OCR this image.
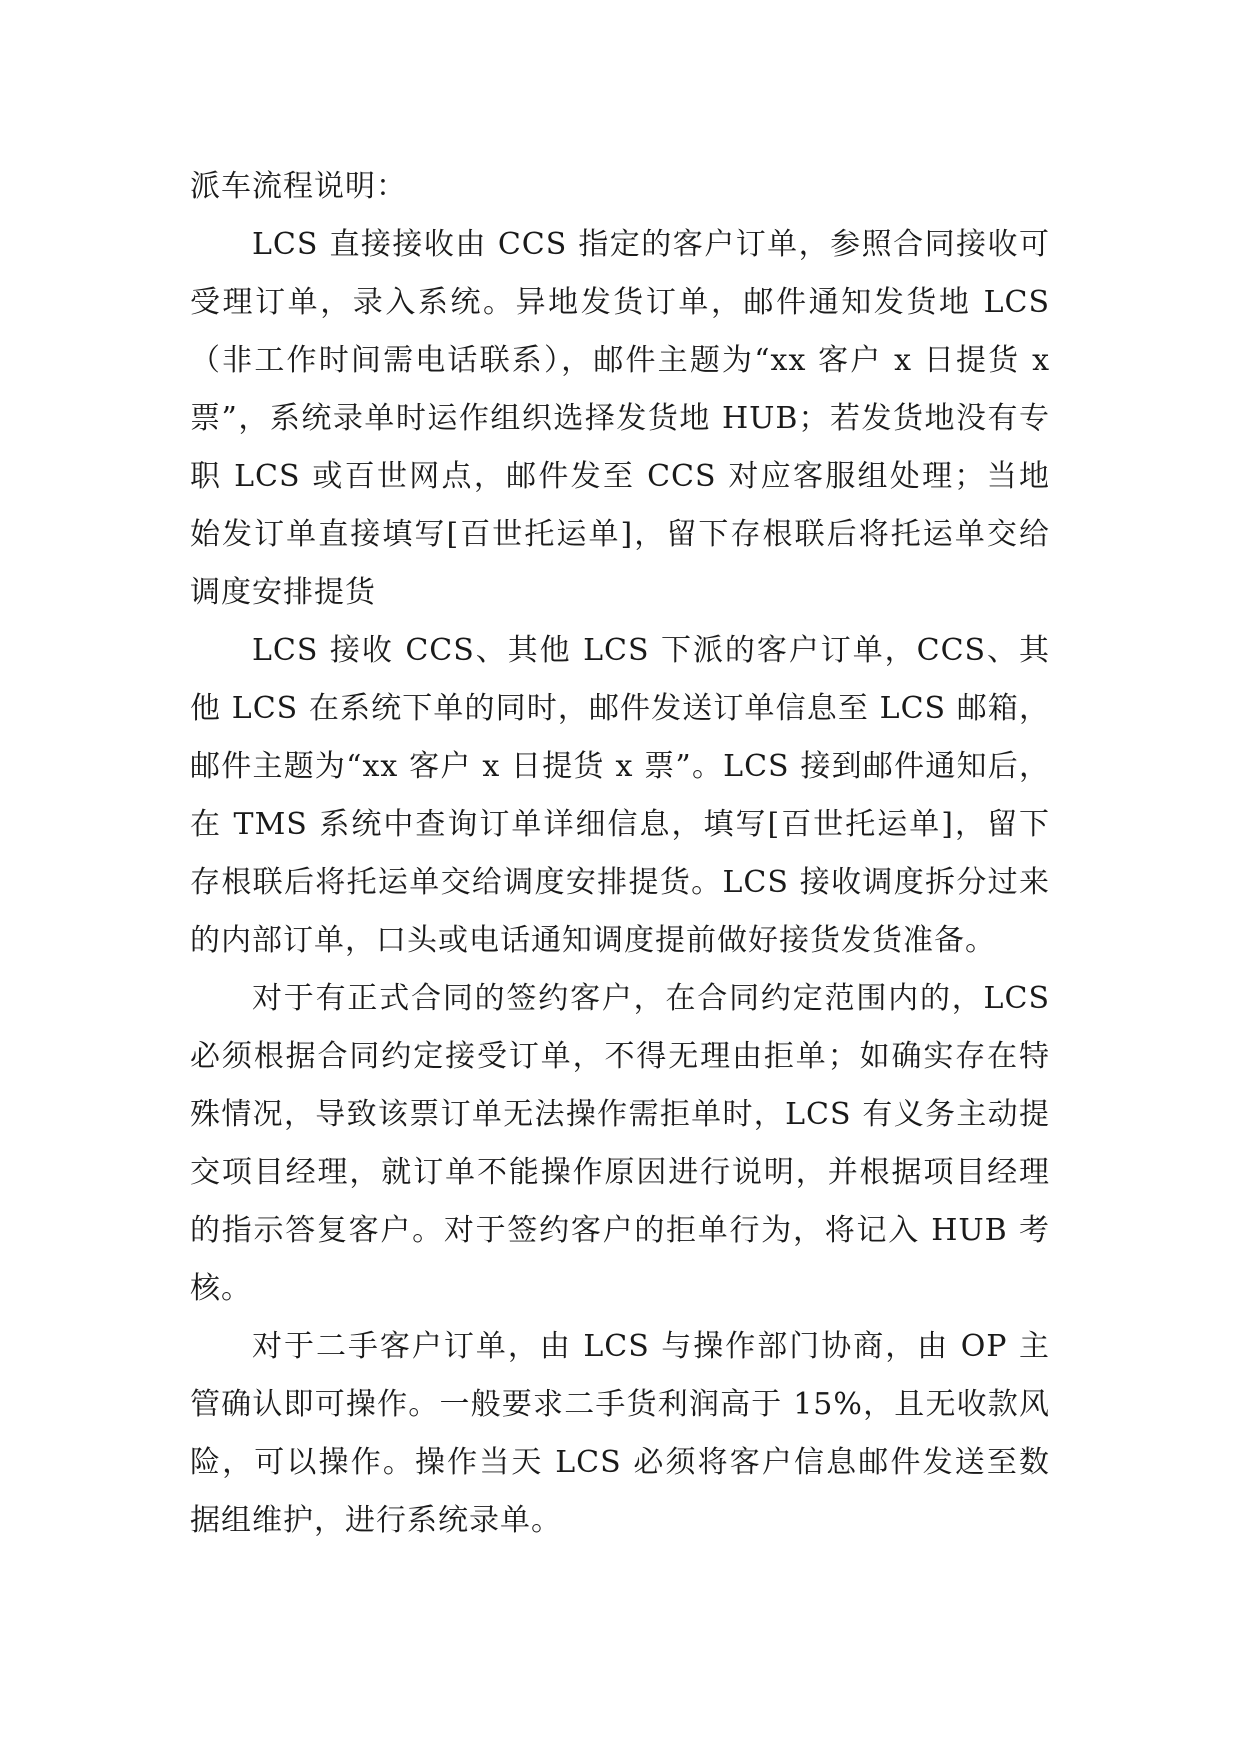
派车流程说明：

LCS 直接接收由 CCS 指定的客户订单，参照合同接收可受理订单，录入系统。异地发货订单，邮件通知发货地 LCS（非工作时间需电话联系），邮件主题为“xx 客户 x 日提货 x 票”，系统录单时运作组织选择发货地 HUB；若发货地没有专职 LCS 或百世网点，邮件发至 CCS 对应客服组处理；当地始发订单直接填写[百世托运单]，留下存根联后将托运单交给调度安排提货

LCS 接收 CCS、其他 LCS 下派的客户订单，CCS、其他 LCS 在系统下单的同时，邮件发送订单信息至 LCS 邮箱，邮件主题为“xx 客户 x 日提货 x 票”。LCS 接到邮件通知后，在 TMS 系统中查询订单详细信息，填写[百世托运单]，留下存根联后将托运单交给调度安排提货。LCS 接收调度拆分过来的内部订单，口头或电话通知调度提前做好接货发货准备。

对于有正式合同的签约客户，在合同约定范围内的，LCS 必须根据合同约定接受订单，不得无理由拒单；如确实存在特殊情况，导致该票订单无法操作需拒单时，LCS 有义务主动提交项目经理，就订单不能操作原因进行说明，并根据项目经理的指示答复客户。对于签约客户的拒单行为，将记入 HUB 考核。

对于二手客户订单，由 LCS 与操作部门协商，由 OP 主管确认即可操作。一般要求二手货利润高于 15%，且无收款风险，可以操作。操作当天 LCS 必须将客户信息邮件发送至数据组维护，进行系统录单。
